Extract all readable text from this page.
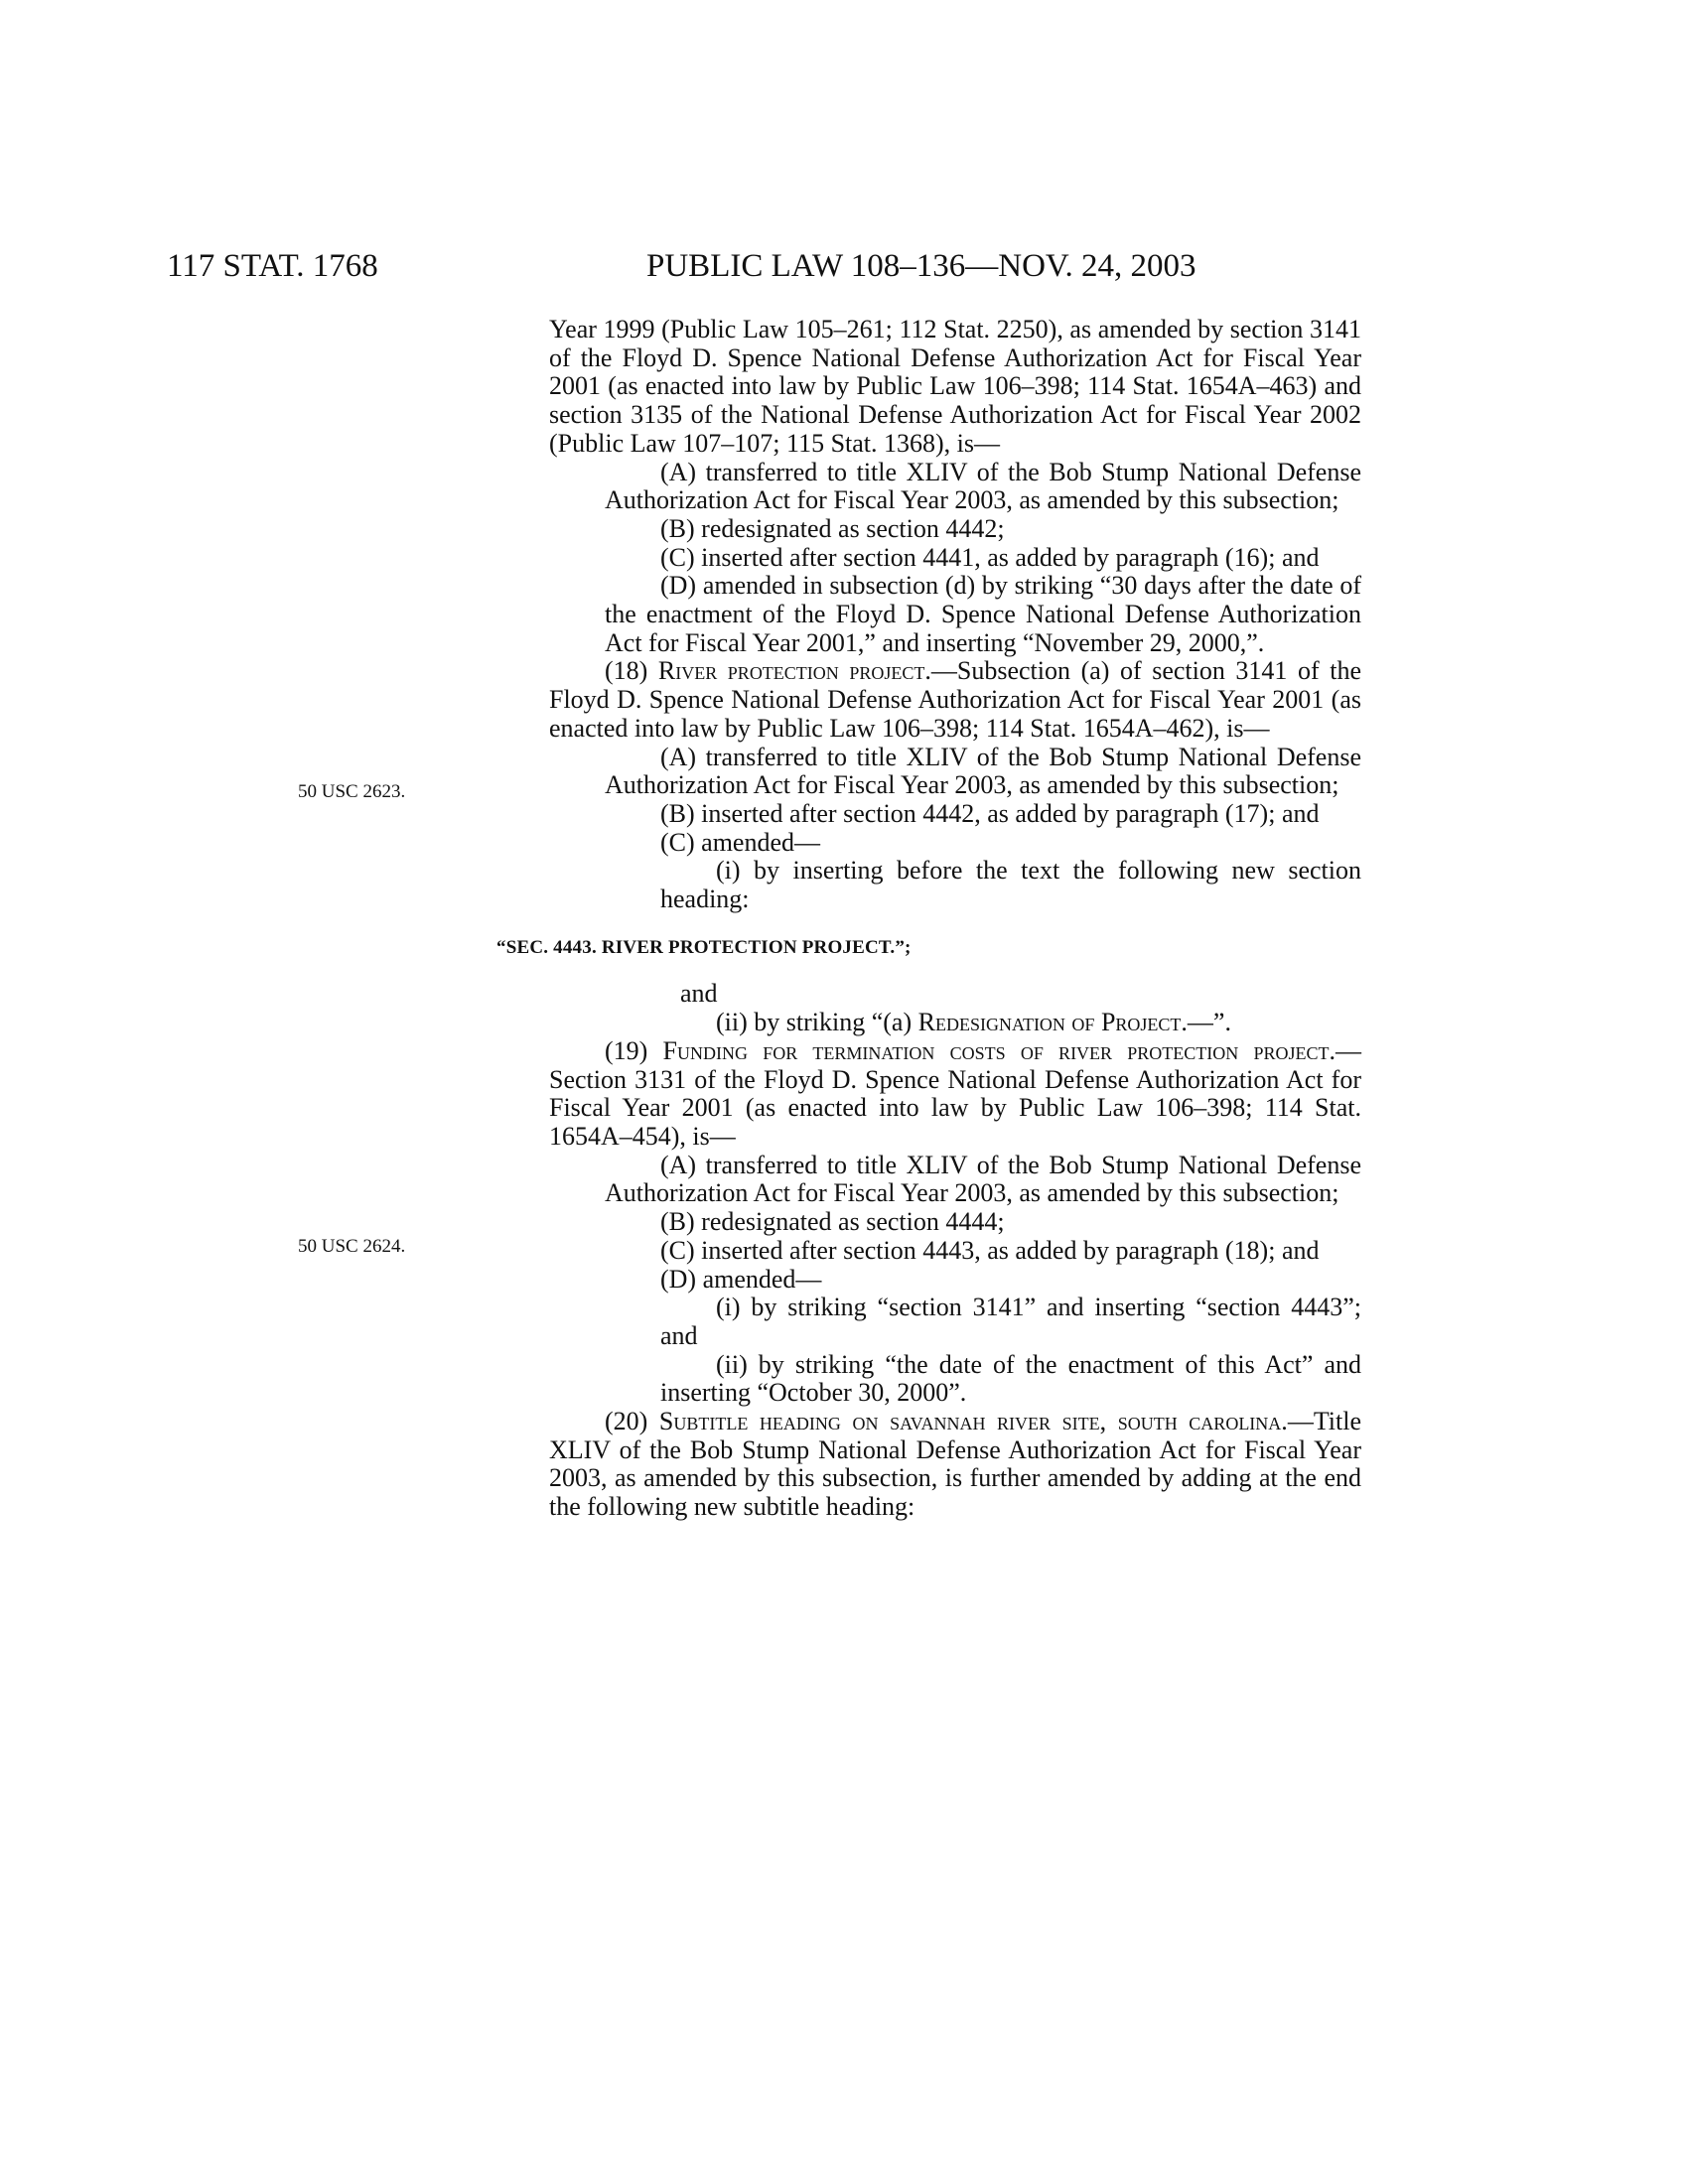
117 STAT. 1768	PUBLIC LAW 108–136—NOV. 24, 2003
50 USC 2623.
50 USC 2624.

Year 1999 (Public Law 105–261; 112 Stat. 2250), as amended by section 3141 of the Floyd D. Spence National Defense Authorization Act for Fiscal Year 2001 (as enacted into law by Public Law 106–398; 114 Stat. 1654A–463) and section 3135 of the National Defense Authorization Act for Fiscal Year 2002 (Public Law 107–107; 115 Stat. 1368), is—

(A) transferred to title XLIV of the Bob Stump National Defense Authorization Act for Fiscal Year 2003, as amended by this subsection;

(B) redesignated as section 4442;

(C) inserted after section 4441, as added by paragraph (16); and

(D) amended in subsection (d) by striking “30 days after the date of the enactment of the Floyd D. Spence National Defense Authorization Act for Fiscal Year 2001,” and inserting “November 29, 2000,”.

(18) River protection project.—Subsection (a) of section 3141 of the Floyd D. Spence National Defense Authorization Act for Fiscal Year 2001 (as enacted into law by Public Law 106–398; 114 Stat. 1654A–462), is—

(A) transferred to title XLIV of the Bob Stump National Defense Authorization Act for Fiscal Year 2003, as amended by this subsection;

(B) inserted after section 4442, as added by paragraph (17); and

(C) amended—

(i) by inserting before the text the following new section heading:

“SEC. 4443. RIVER PROTECTION PROJECT.”;

and

(ii) by striking “(a) Redesignation of Project.—”.

(19) Funding for termination costs of river protection project.—Section 3131 of the Floyd D. Spence National Defense Authorization Act for Fiscal Year 2001 (as enacted into law by Public Law 106–398; 114 Stat. 1654A–454), is—

(A) transferred to title XLIV of the Bob Stump National Defense Authorization Act for Fiscal Year 2003, as amended by this subsection;

(B) redesignated as section 4444;

(C) inserted after section 4443, as added by paragraph (18); and

(D) amended—

(i) by striking “section 3141” and inserting “section 4443”; and

(ii) by striking “the date of the enactment of this Act” and inserting “October 30, 2000”.

(20) Subtitle heading on savannah river site, south carolina.—Title XLIV of the Bob Stump National Defense Authorization Act for Fiscal Year 2003, as amended by this subsection, is further amended by adding at the end the following new subtitle heading:
